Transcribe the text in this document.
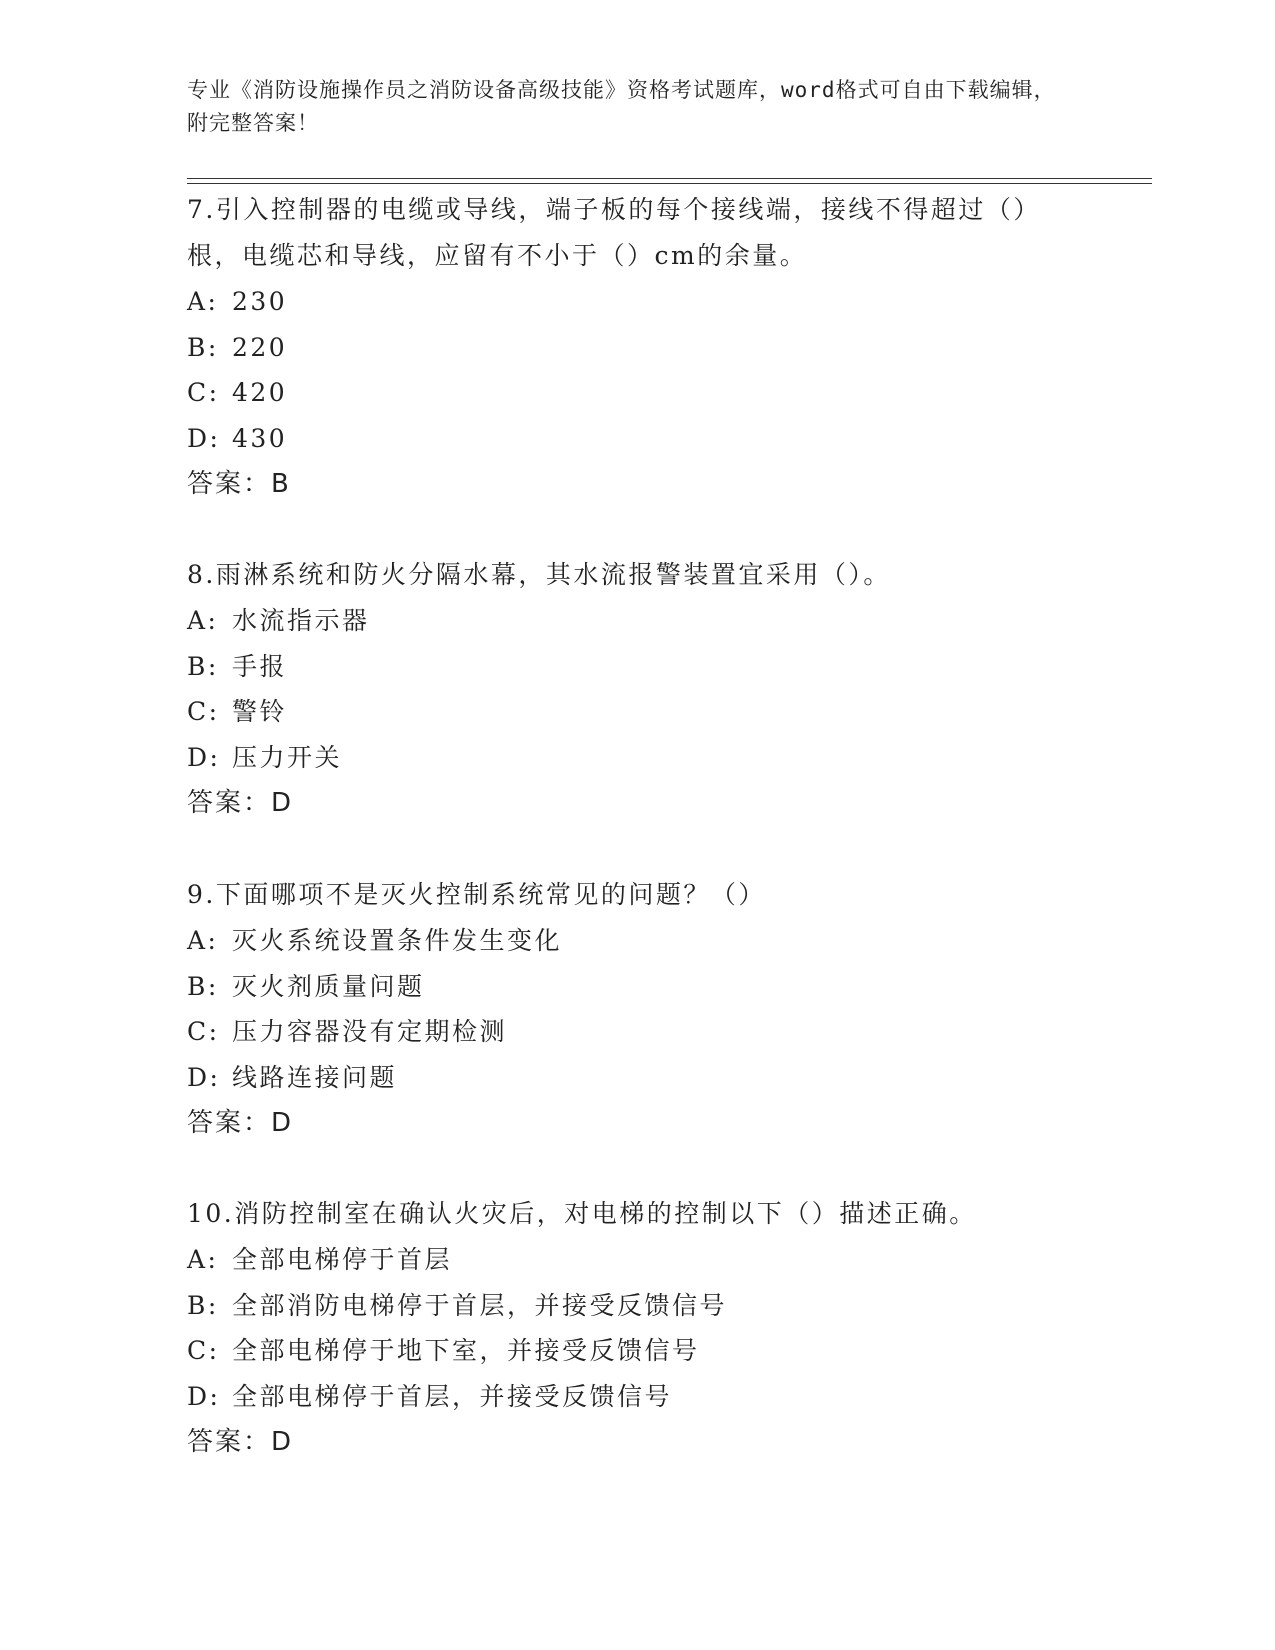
专业《消防设施操作员之消防设备高级技能》资格考试题库，word格式可自由下载编辑，附完整答案！

7.引入控制器的电缆或导线，端子板的每个接线端，接线不得超过（）根，电缆芯和导线，应留有不小于（）cm的余量。

A: 230

B: 220

C: 420

D: 430

答案：B

8.雨淋系统和防火分隔水幕，其水流报警装置宜采用（）。

A: 水流指示器

B: 手报

C: 警铃

D: 压力开关

答案：D

9.下面哪项不是灭火控制系统常见的问题？（）

A: 灭火系统设置条件发生变化

B: 灭火剂质量问题

C: 压力容器没有定期检测

D: 线路连接问题

答案：D

10.消防控制室在确认火灾后，对电梯的控制以下（）描述正确。

A: 全部电梯停于首层

B: 全部消防电梯停于首层，并接受反馈信号

C: 全部电梯停于地下室，并接受反馈信号

D: 全部电梯停于首层，并接受反馈信号

答案：D
